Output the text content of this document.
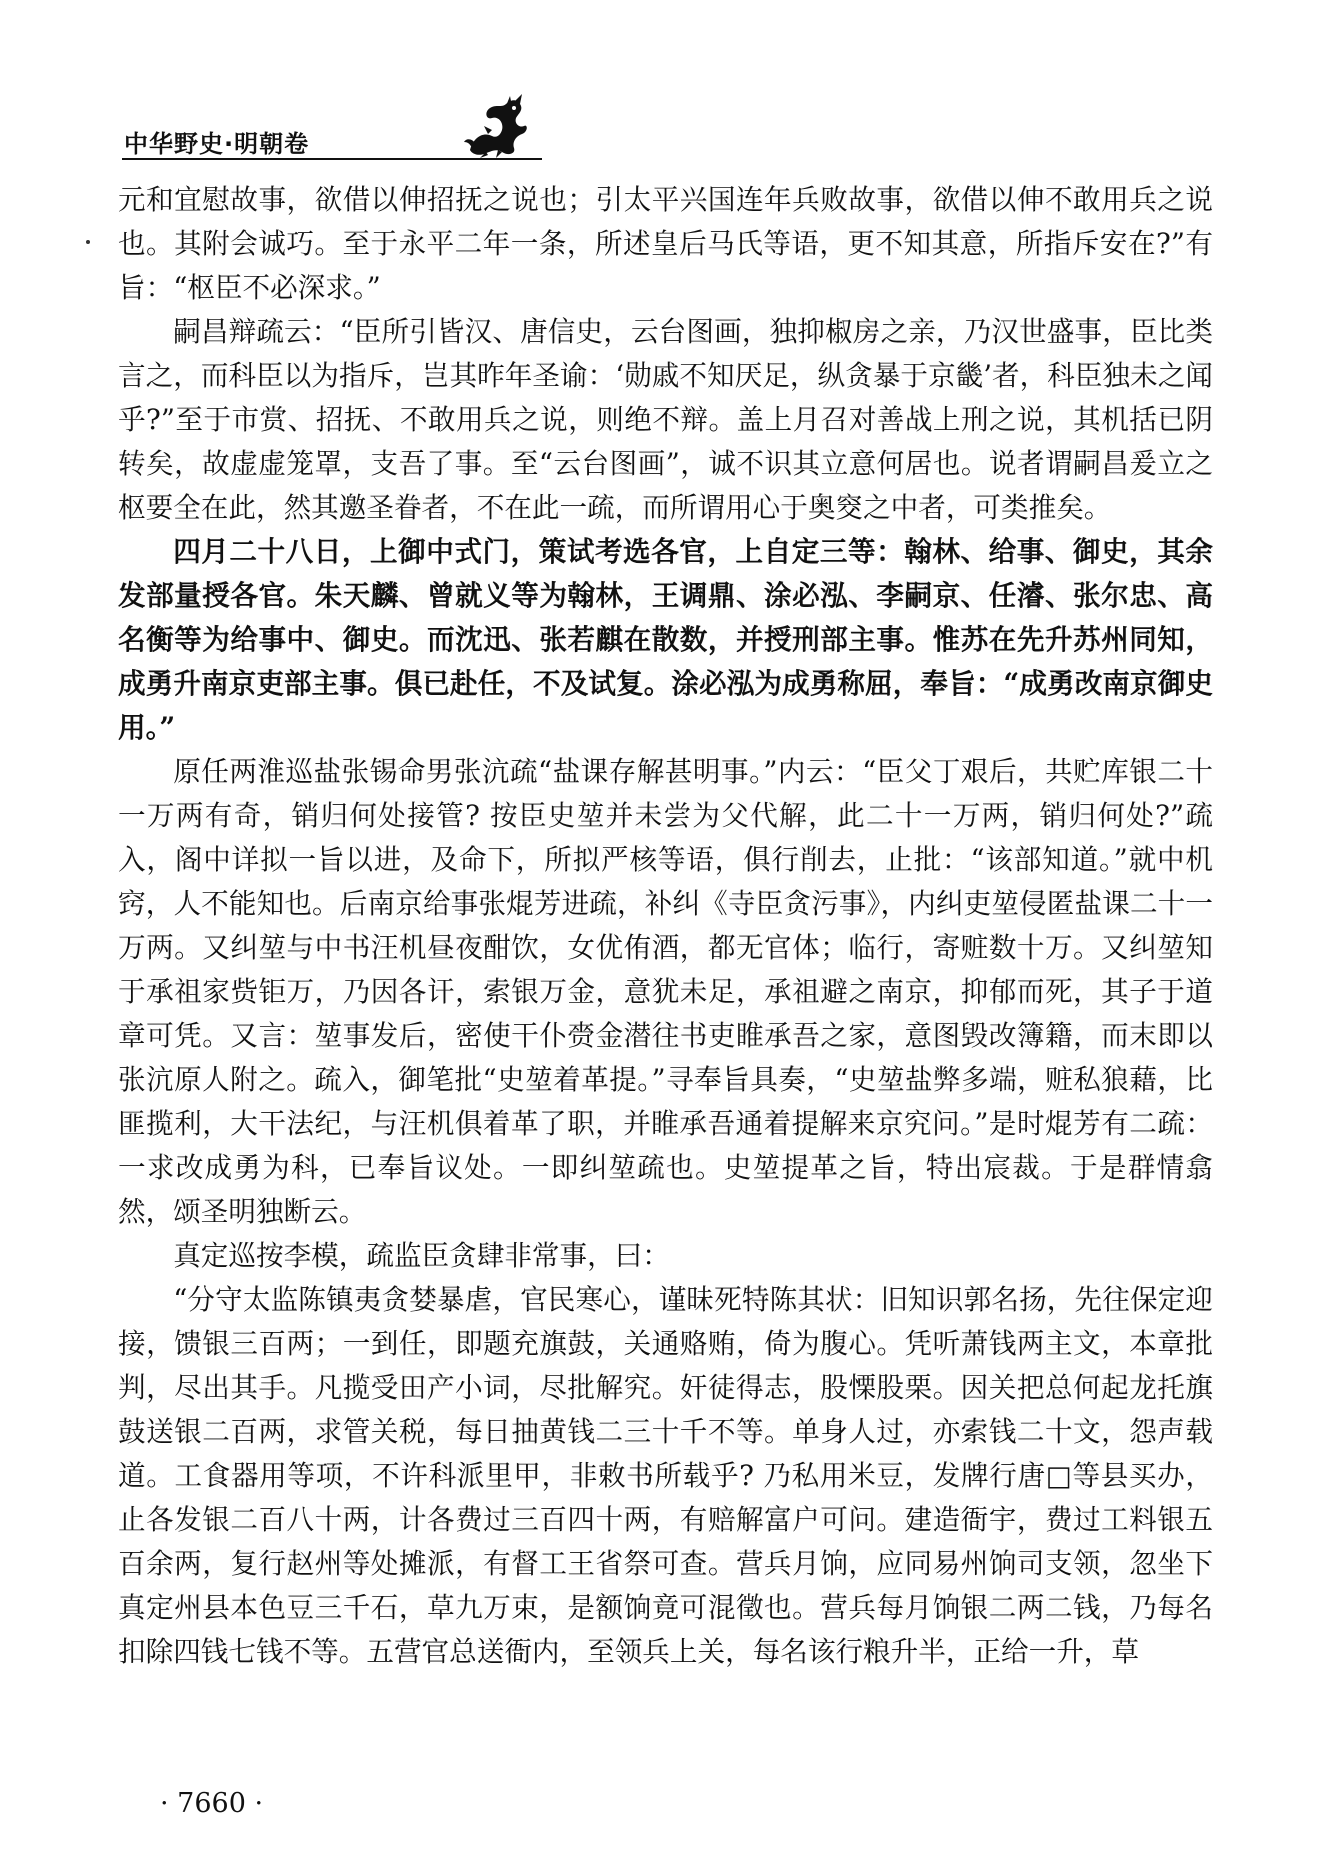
中华野史·明朝卷

元和宜慰故事，欲借以伸招抚之说也；引太平兴国连年兵败故事，欲借以伸不敢用兵之说也。其附会诚巧。至于永平二年一条，所述皇后马氏等语，更不知其意，所指斥安在?”有旨：“枢臣不必深求。”

嗣昌辩疏云：“臣所引皆汉、唐信史，云台图画，独抑椒房之亲，乃汉世盛事，臣比类言之，而科臣以为指斥，岂其昨年圣谕：‘勋戚不知厌足，纵贪暴于京畿’者，科臣独未之闻乎?”至于市赏、招抚、不敢用兵之说，则绝不辩。盖上月召对善战上刑之说，其机括已阴转矣，故虚虚笼罩，支吾了事。至“云台图画”，诚不识其立意何居也。说者谓嗣昌爰立之枢要全在此，然其邀圣眷者，不在此一疏，而所谓用心于奥窔之中者，可类推矣。

四月二十八日，上御中式门，策试考选各官，上自定三等：翰林、给事、御史，其余发部量授各官。朱天麟、曾就义等为翰林，王调鼎、涂必泓、李嗣京、任濬、张尔忠、高名衡等为给事中、御史。而沈迅、张若麒在散数，并授刑部主事。惟苏在先升苏州同知，成勇升南京吏部主事。俱已赴任，不及试复。涂必泓为成勇称屈，奉旨：“成勇改南京御史用。”

原任两淮巡盐张锡命男张沆疏“盐课存解甚明事。”内云：“臣父丁艰后，共贮库银二十一万两有奇，销归何处接管? 按臣史堃并未尝为父代解，此二十一万两，销归何处?”疏入，阁中详拟一旨以进，及命下，所拟严核等语，俱行削去，止批：“该部知道。”就中机窍，人不能知也。后南京给事张焜芳进疏，补纠《寺臣贪污事》，内纠吏堃侵匿盐课二十一万两。又纠堃与中书汪机昼夜酣饮，女优侑酒，都无官体；临行，寄赃数十万。又纠堃知于承祖家赀钜万，乃因各讦，索银万金，意犹未足，承祖避之南京，抑郁而死，其子于道章可凭。又言：堃事发后，密使干仆赍金潜往书吏睢承吾之家，意图毁改簿籍，而末即以张沆原人附之。疏入，御笔批“史堃着革提。”寻奉旨具奏，“史堃盐弊多端，赃私狼藉，比匪揽利，大干法纪，与汪机俱着革了职，并睢承吾通着提解来京究问。”是时焜芳有二疏：一求改成勇为科，已奉旨议处。一即纠堃疏也。史堃提革之旨，特出宸裁。于是群情翕然，颂圣明独断云。

真定巡按李模，疏监臣贪肆非常事，曰：

“分守太监陈镇夷贪婪暴虐，官民寒心，谨昧死特陈其状：旧知识郭名扬，先往保定迎接，馈银三百两；一到任，即题充旗鼓，关通赂贿，倚为腹心。凭听萧钱两主文，本章批判，尽出其手。凡揽受田产小词，尽批解究。奸徒得志，股慄股栗。因关把总何起龙托旗鼓送银二百两，求管关税，每日抽黄钱二三十千不等。单身人过，亦索钱二十文，怨声载道。工食器用等项，不许科派里甲，非敕书所载乎? 乃私用米豆，发牌行唐□等县买办，止各发银二百八十两，计各费过三百四十两，有赔解富户可问。建造衙宇，费过工料银五百余两，复行赵州等处摊派，有督工王省祭可查。营兵月饷，应同易州饷司支领，忽坐下真定州县本色豆三千石，草九万束，是额饷竟可混徵也。营兵每月饷银二两二钱，乃每名扣除四钱七钱不等。五营官总送衙内，至领兵上关，每名该行粮升半，正给一升，草

· 7660 ·
